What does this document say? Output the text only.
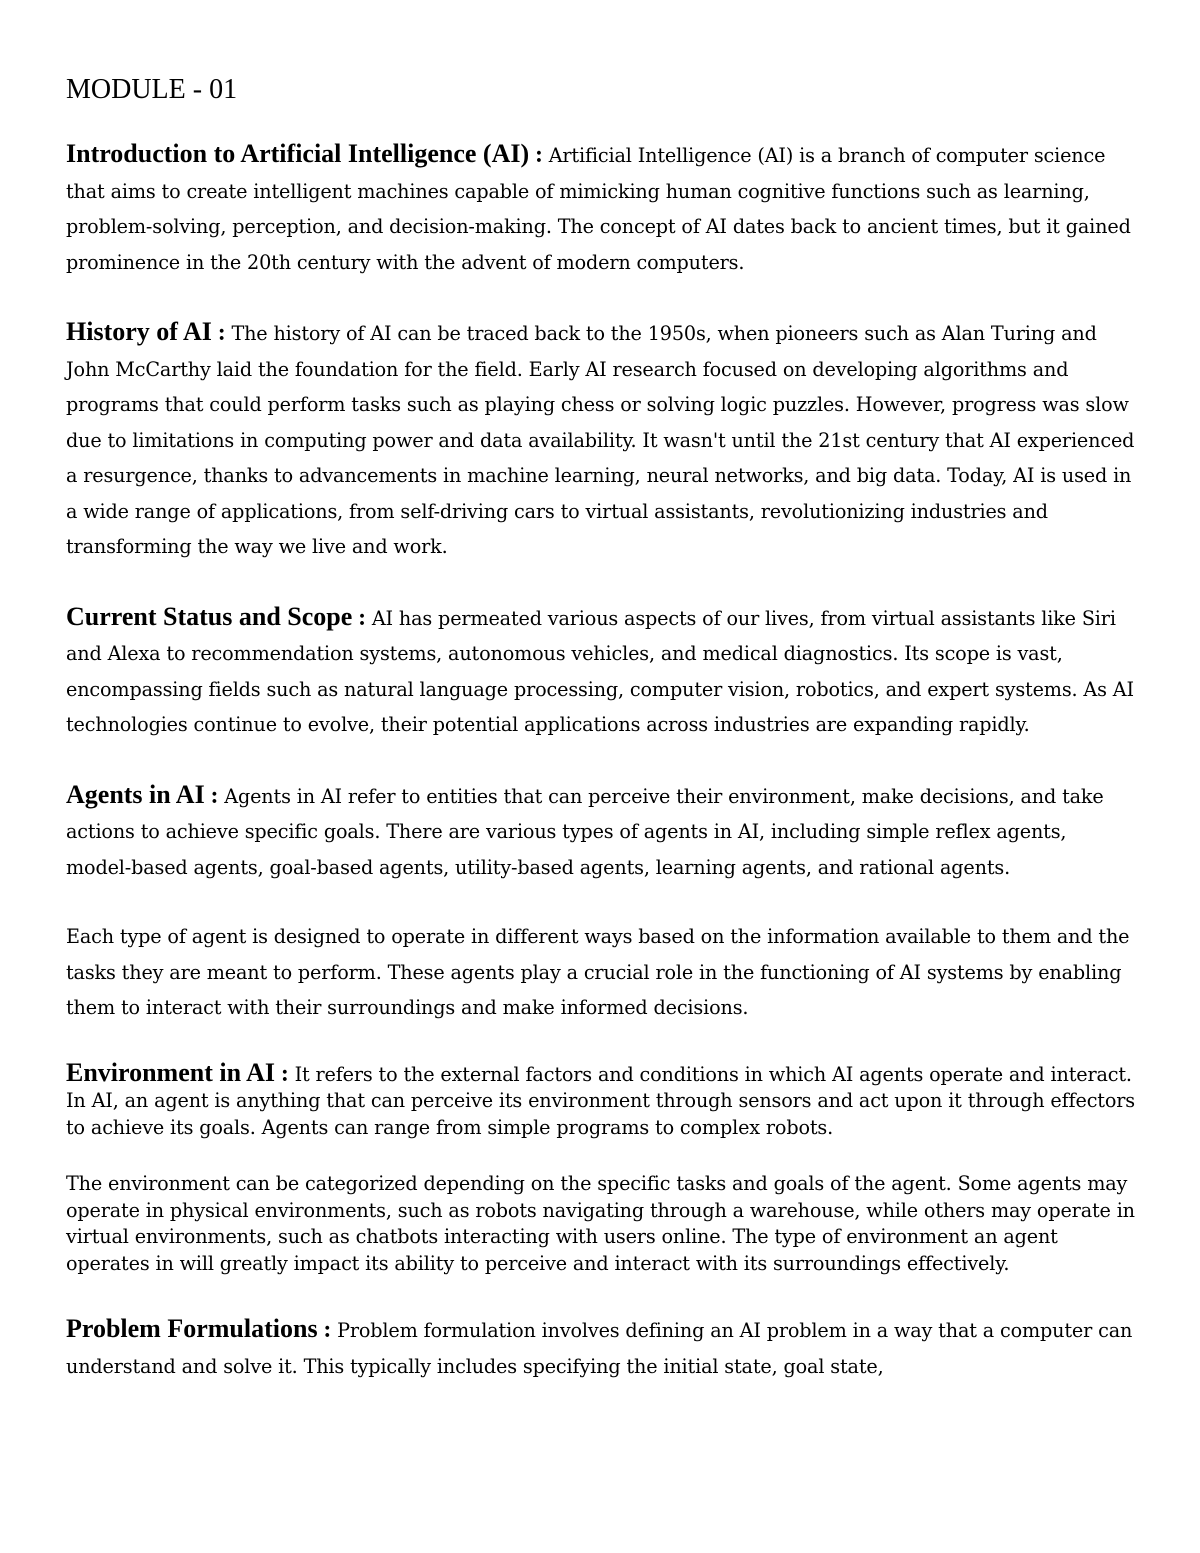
MODULE - 01

Introduction to Artificial Intelligence (AI) : Artificial Intelligence (AI) is a branch of computer science that aims to create intelligent machines capable of mimicking human cognitive functions such as learning, problem-solving, perception, and decision-making. The concept of AI dates back to ancient times, but it gained prominence in the 20th century with the advent of modern computers.

History of AI : The history of AI can be traced back to the 1950s, when pioneers such as Alan Turing and John McCarthy laid the foundation for the field. Early AI research focused on developing algorithms and programs that could perform tasks such as playing chess or solving logic puzzles. However, progress was slow due to limitations in computing power and data availability. It wasn't until the 21st century that AI experienced a resurgence, thanks to advancements in machine learning, neural networks, and big data. Today, AI is used in a wide range of applications, from self-driving cars to virtual assistants, revolutionizing industries and transforming the way we live and work.

Current Status and Scope : AI has permeated various aspects of our lives, from virtual assistants like Siri and Alexa to recommendation systems, autonomous vehicles, and medical diagnostics. Its scope is vast, encompassing fields such as natural language processing, computer vision, robotics, and expert systems. As AI technologies continue to evolve, their potential applications across industries are expanding rapidly.

Agents in AI : Agents in AI refer to entities that can perceive their environment, make decisions, and take actions to achieve specific goals. There are various types of agents in AI, including simple reflex agents, model-based agents, goal-based agents, utility-based agents, learning agents, and rational agents.

Each type of agent is designed to operate in different ways based on the information available to them and the tasks they are meant to perform. These agents play a crucial role in the functioning of AI systems by enabling them to interact with their surroundings and make informed decisions.

Environment in AI : It refers to the external factors and conditions in which AI agents operate and interact. In AI, an agent is anything that can perceive its environment through sensors and act upon it through effectors to achieve its goals. Agents can range from simple programs to complex robots.

The environment can be categorized depending on the specific tasks and goals of the agent. Some agents may operate in physical environments, such as robots navigating through a warehouse, while others may operate in virtual environments, such as chatbots interacting with users online. The type of environment an agent operates in will greatly impact its ability to perceive and interact with its surroundings effectively.

Problem Formulations : Problem formulation involves defining an AI problem in a way that a computer can understand and solve it. This typically includes specifying the initial state, goal state,
